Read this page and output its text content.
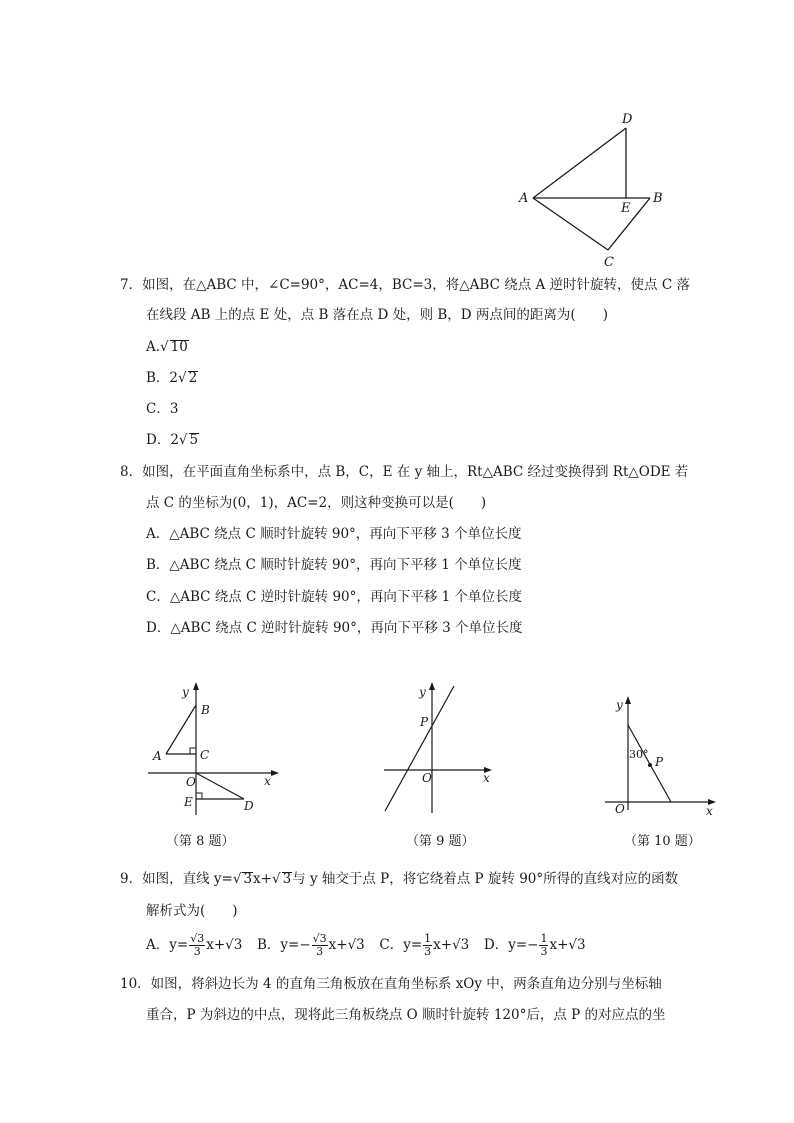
D
A
E
B
C
7．如图，在△ABC 中，∠C=90°，AC=4，BC=3，将△ABC 绕点 A 逆时针旋转，使点 C 落
在线段 AB 上的点 E 处，点 B 落在点 D 处，则 B，D 两点间的距离为(　　)
A.√ 10
B．2√ 2
C．3
D．2√ 5
8．如图，在平面直角坐标系中，点 B，C，E 在 y 轴上，Rt△ABC 经过变换得到 Rt△ODE 若
点 C 的坐标为(0，1)，AC=2，则这种变换可以是(　　)
A．△ABC 绕点 C 顺时针旋转 90°，再向下平移 3 个单位长度
B．△ABC 绕点 C 顺时针旋转 90°，再向下平移 1 个单位长度
C．△ABC 绕点 C 逆时针旋转 90°，再向下平移 1 个单位长度
D．△ABC 绕点 C 逆时针旋转 90°，再向下平移 3 个单位长度
y
B
A	C
O	x
E	D
（第 8 题）
y
P
O	x
（第 9 题）
y
30°
P
O	x
（第 10 题）
9．如图，直线 y=√ 3x+√ 3与 y 轴交于点 P，将它绕着点 P 旋转 90°所得的直线对应的函数
解析式为(　　)
A．$y= \frac{√3}{3} x+√3$ B．$y=- \frac{√3}{3} x+√3$ C．$y= \frac{1}{3} x+√3$ D．$y=- \frac{1}{3} x+√3$
10．如图，将斜边长为 4 的直角三角板放在直角坐标系 xOy 中，两条直角边分别与坐标轴
重合，P 为斜边的中点，现将此三角板绕点 O 顺时针旋转 120°后，点 P 的对应点的坐
